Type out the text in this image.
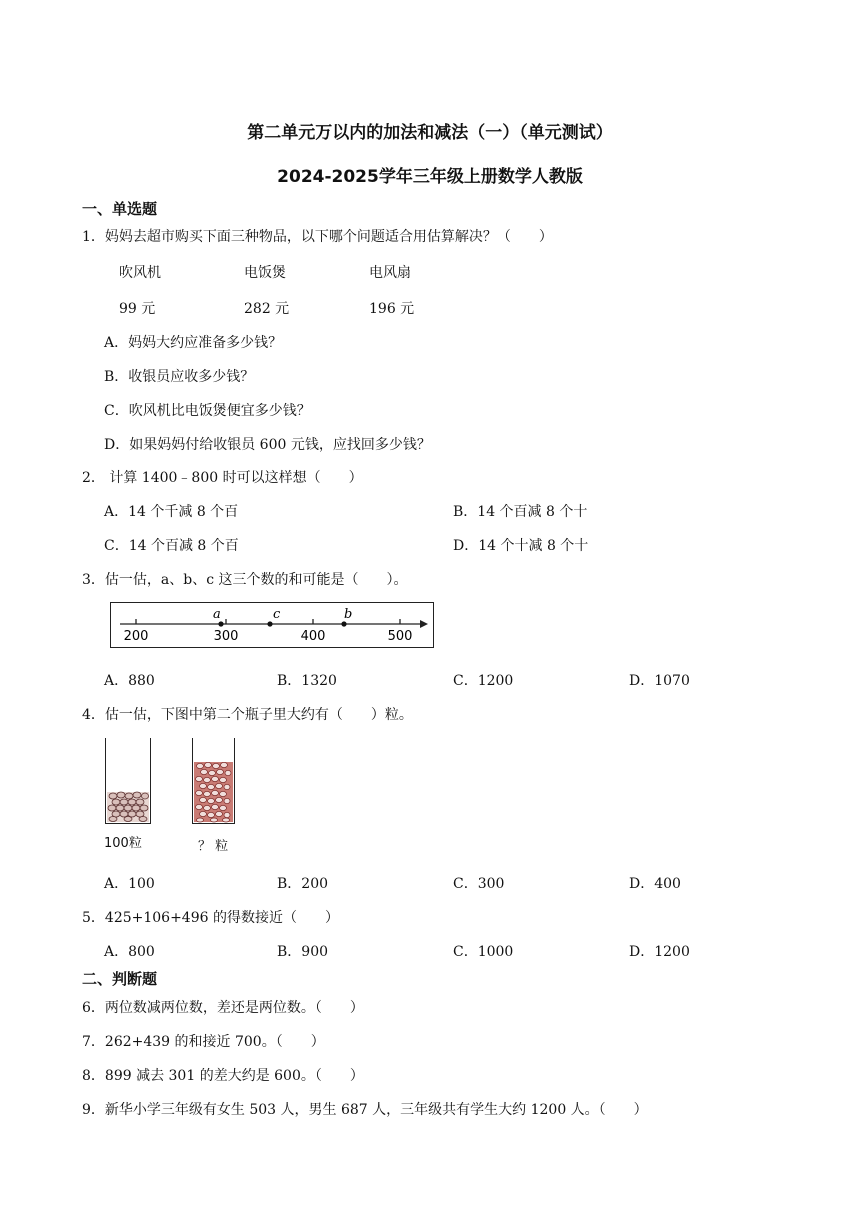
第二单元万以内的加法和减法（一）（单元测试）
2024-2025学年三年级上册数学人教版
一、单选题
1．妈妈去超市购买下面三种物品，以下哪个问题适合用估算解决？（　　）
吹风机	电饭煲	电风扇
99 元	282 元	196 元
A．妈妈大约应准备多少钱？
B．收银员应收多少钱？
C．吹风机比电饭煲便宜多少钱？
D．如果妈妈付给收银员 600 元钱，应找回多少钱？
2． 计算 1400﹣800 时可以这样想（　　）
A．14 个千减 8 个百	B．14 个百减 8 个十
C．14 个百减 8 个百	D．14 个十减 8 个十
3．估一估，a、b、c 这三个数的和可能是（　　）。
200	300	400	500
a	c	b
A．880	B．1320	C．1200	D．1070
4．估一估，下图中第二个瓶子里大约有（　　）粒。
100粒	？ 粒
A．100	B．200	C．300	D．400
5．425+106+496 的得数接近（　　）
A．800	B．900	C．1000	D．1200
二、判断题
6．两位数减两位数，差还是两位数。（　　）
7．262+439 的和接近 700。（　　）
8．899 减去 301 的差大约是 600。（　　）
9．新华小学三年级有女生 503 人，男生 687 人，三年级共有学生大约 1200 人。（　　）
